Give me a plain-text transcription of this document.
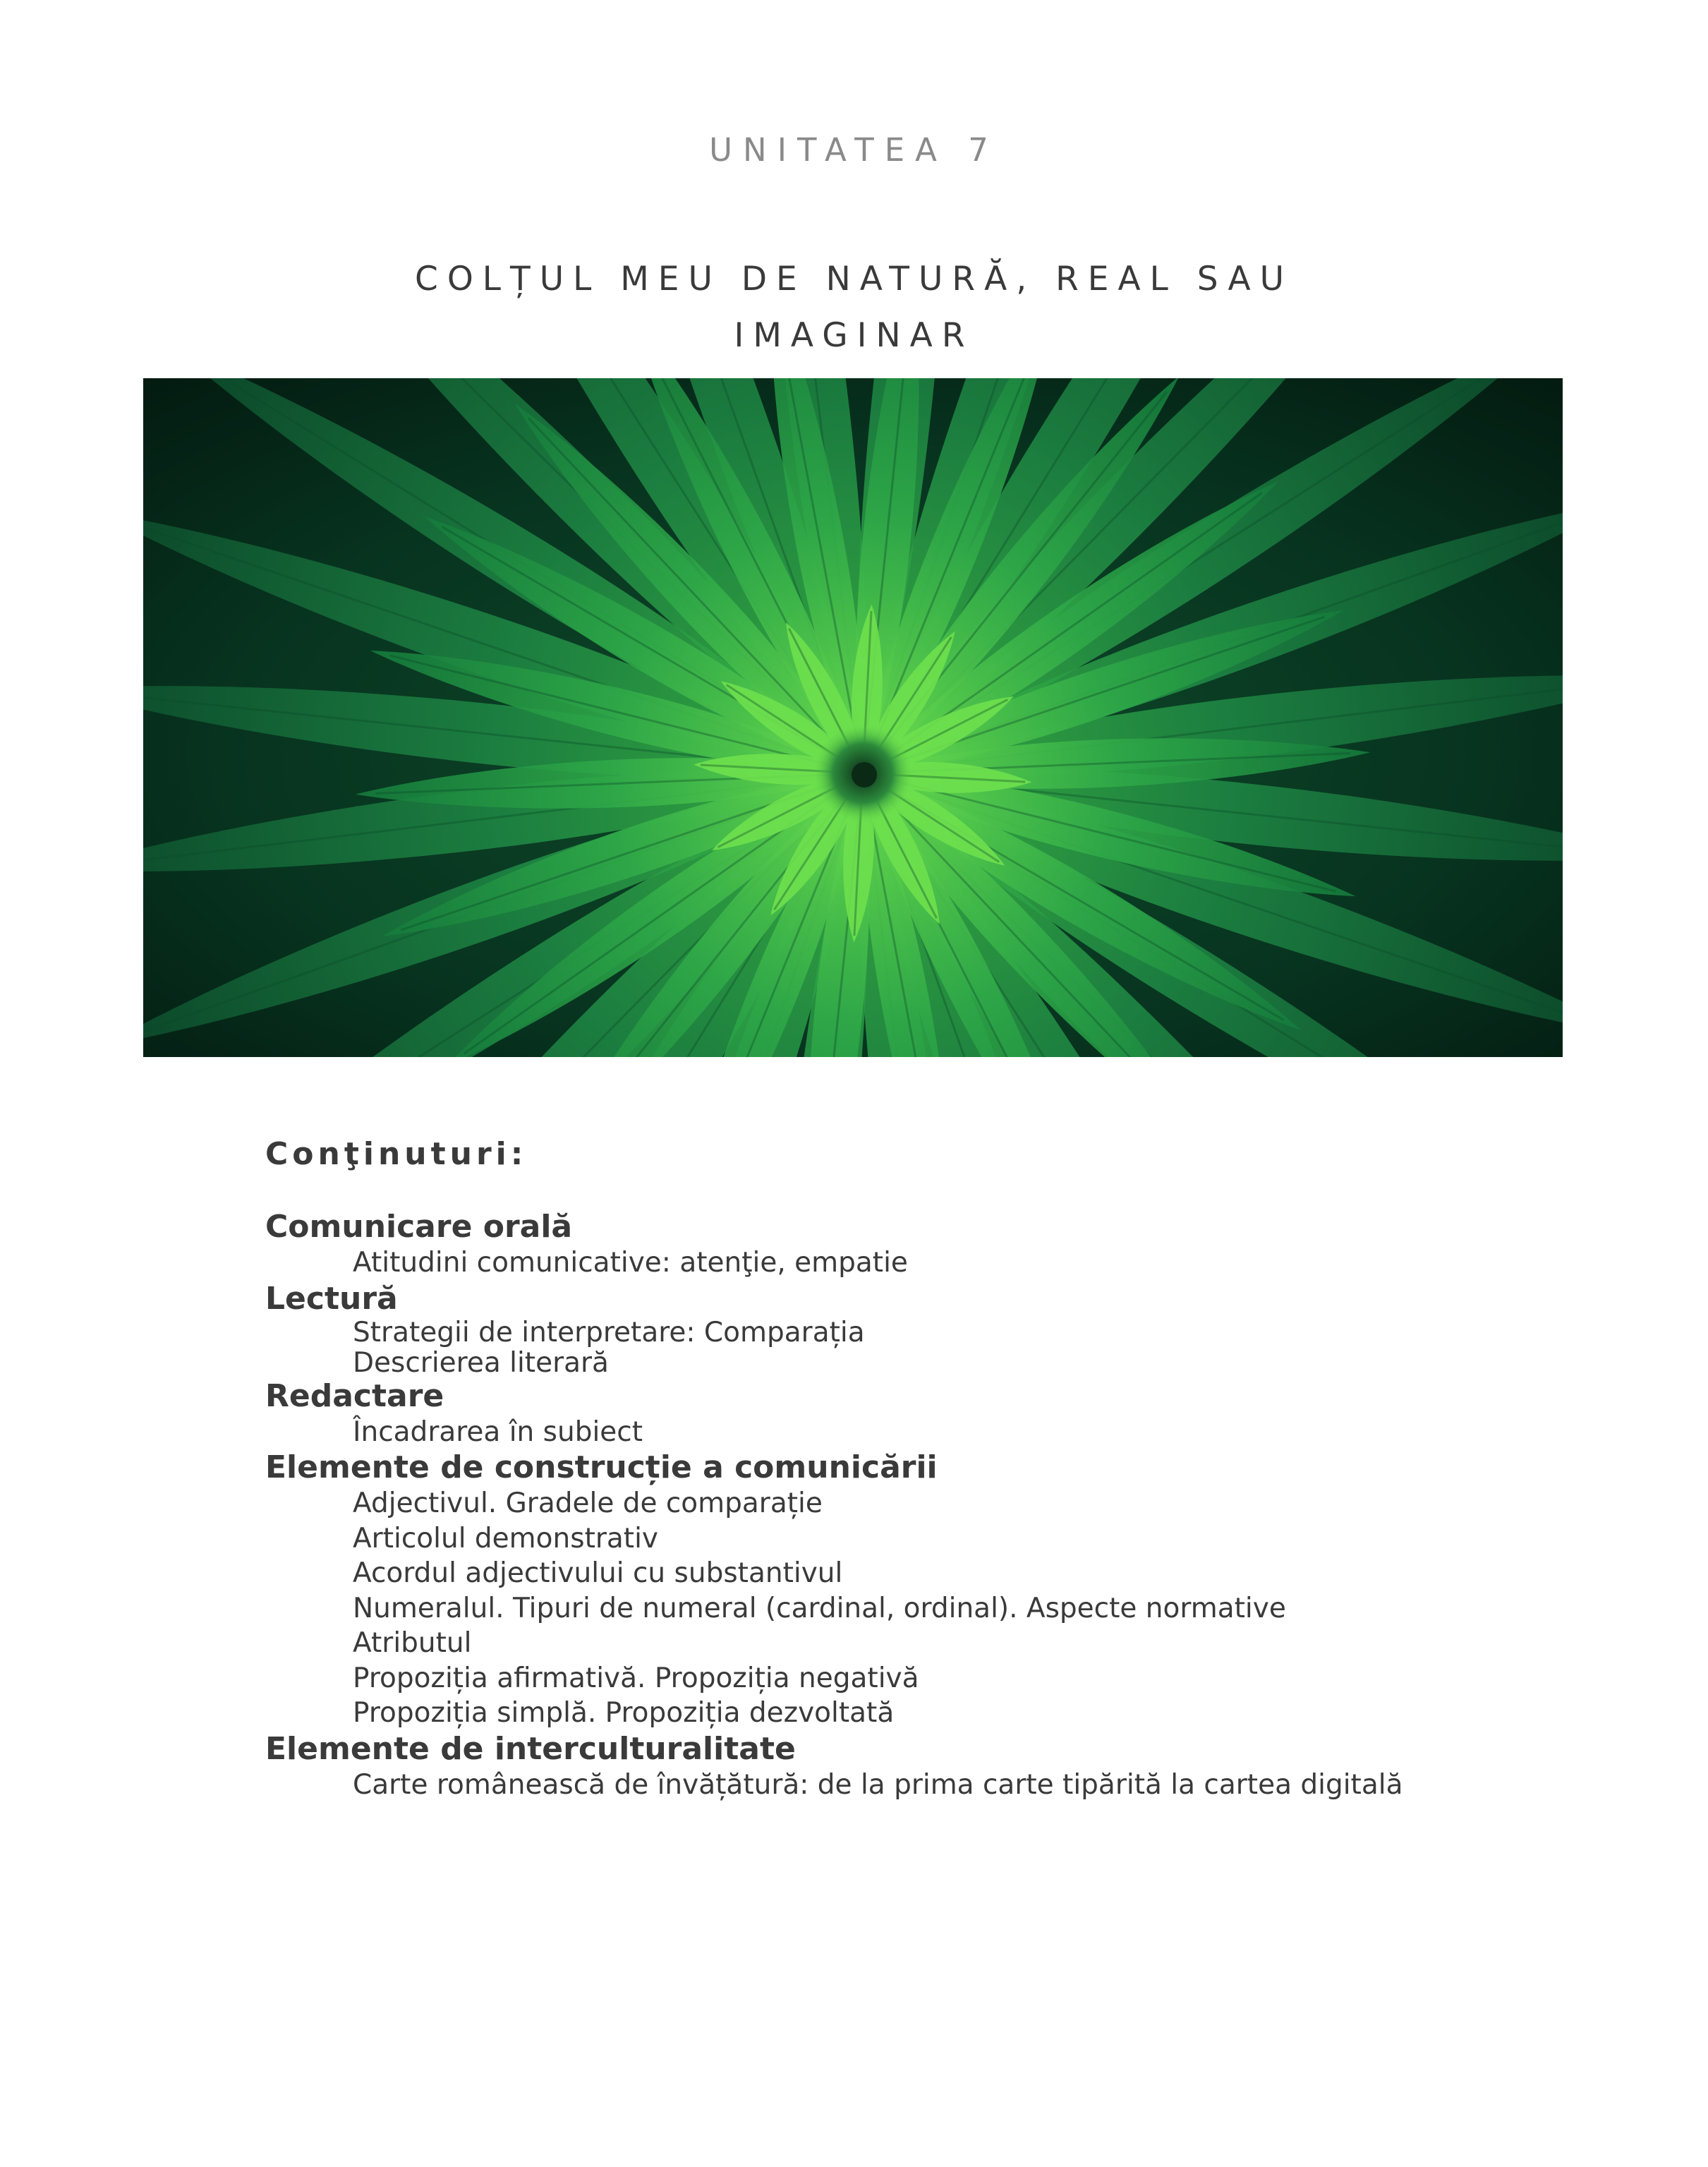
UNITATEA 7
COLȚUL MEU DE NATURĂ, REAL SAU
IMAGINAR
Conţinuturi:
Comunicare orală
Atitudini comunicative: atenţie, empatie
Lectură
Strategii de interpretare: Comparația
Descrierea literară
Redactare
Încadrarea în subiect
Elemente de construcție a comunicării
Adjectivul. Gradele de comparație
Articolul demonstrativ
Acordul adjectivului cu substantivul
Numeralul. Tipuri de numeral (cardinal, ordinal). Aspecte normative
Atributul
Propoziția afirmativă. Propoziția negativă
Propoziția simplă. Propoziția dezvoltată
Elemente de interculturalitate
Carte românească de învățătură: de la prima carte tipărită la cartea digitală
